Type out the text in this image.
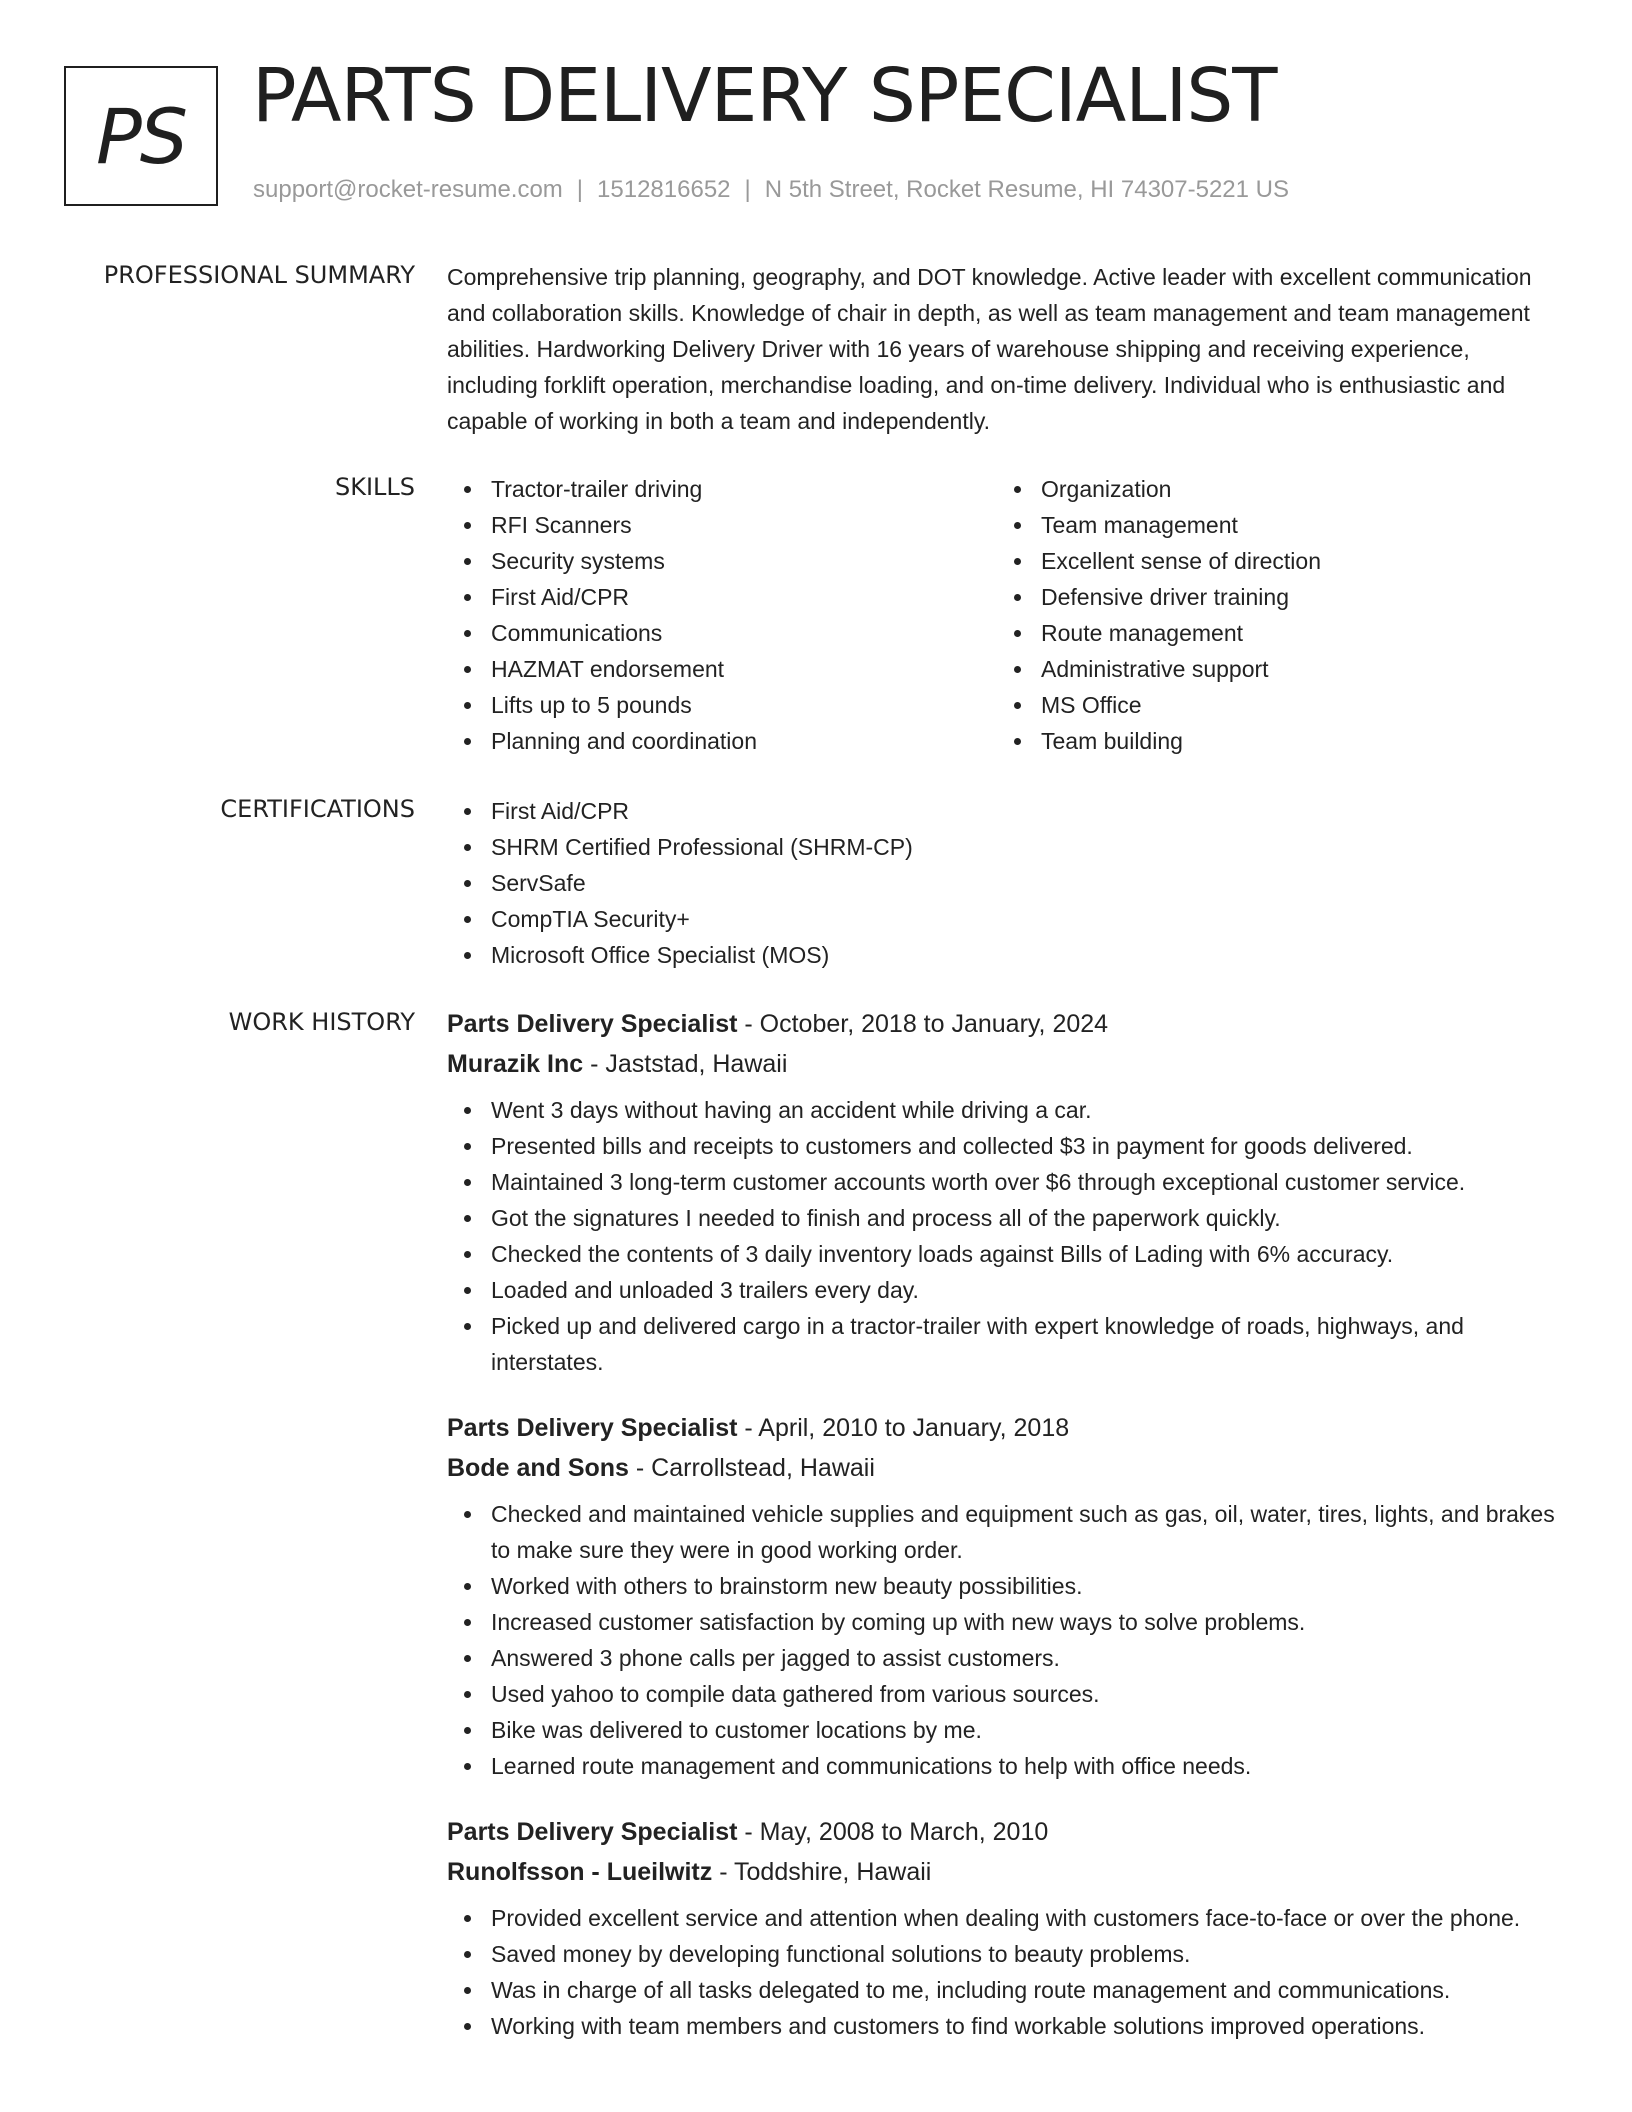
PS PARTS DELIVERY SPECIALIST
support@rocket-resume.com | 1512816652 | N 5th Street, Rocket Resume, HI 74307-5221 US
PROFESSIONAL SUMMARY Comprehensive trip planning, geography, and DOT knowledge. Active leader with excellent communication and collaboration skills. Knowledge of chair in depth, as well as team management and team management abilities. Hardworking Delivery Driver with 16 years of warehouse shipping and receiving experience, including forklift operation, merchandise loading, and on-time delivery. Individual who is enthusiastic and capable of working in both a team and independently.

SKILLS	Tractor-trailer driving
RFI Scanners
Security systems
First Aid/CPR
Communications
HAZMAT endorsement
Lifts up to 5 pounds
Planning and coordination
Organization
Team management
Excellent sense of direction
Defensive driver training
Route management
Administrative support
MS Office
Team building
CERTIFICATIONS	First Aid/CPR
SHRM Certified Professional (SHRM-CP)
ServSafe
CompTIA Security+
Microsoft Office Specialist (MOS)
WORK HISTORY Parts Delivery Specialist - October, 2018 to January, 2024
Murazik Inc - Jaststad, Hawaii
Went 3 days without having an accident while driving a car.
Presented bills and receipts to customers and collected $3 in payment for goods delivered.
Maintained 3 long-term customer accounts worth over $6 through exceptional customer service.
Got the signatures I needed to finish and process all of the paperwork quickly.
Checked the contents of 3 daily inventory loads against Bills of Lading with 6% accuracy.
Loaded and unloaded 3 trailers every day.
Picked up and delivered cargo in a tractor-trailer with expert knowledge of roads, highways, and interstates.
Parts Delivery Specialist - April, 2010 to January, 2018
Bode and Sons - Carrollstead, Hawaii
Checked and maintained vehicle supplies and equipment such as gas, oil, water, tires, lights, and brakes to make sure they were in good working order.
Worked with others to brainstorm new beauty possibilities.
Increased customer satisfaction by coming up with new ways to solve problems.
Answered 3 phone calls per jagged to assist customers.
Used yahoo to compile data gathered from various sources.
Bike was delivered to customer locations by me.
Learned route management and communications to help with office needs.
Parts Delivery Specialist - May, 2008 to March, 2010
Runolfsson - Lueilwitz - Toddshire, Hawaii
Provided excellent service and attention when dealing with customers face-to-face or over the phone.
Saved money by developing functional solutions to beauty problems.
Was in charge of all tasks delegated to me, including route management and communications.
Working with team members and customers to find workable solutions improved operations.
